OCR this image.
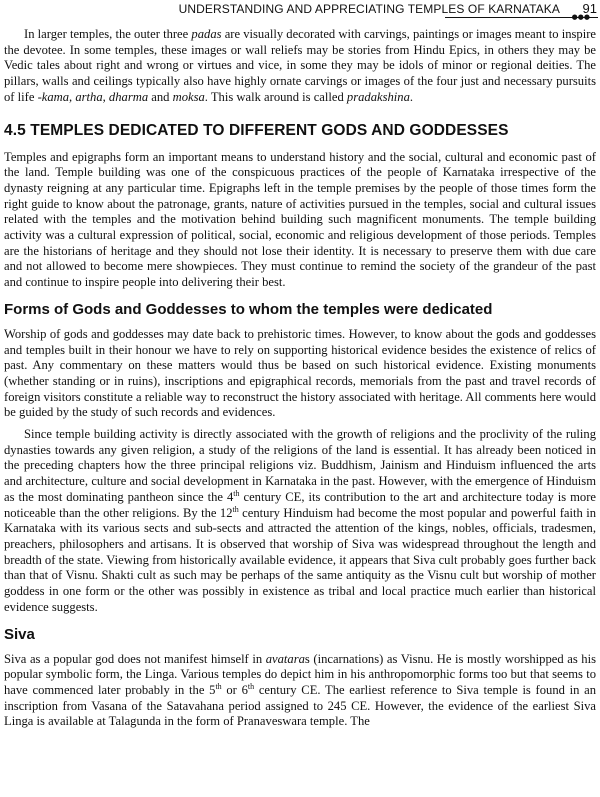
UNDERSTANDING AND APPRECIATING TEMPLES OF KARNATAKA 91
●●●

In larger temples, the outer three padas are visually decorated with carvings, paintings or images meant to inspire the devotee. In some temples, these images or wall reliefs may be stories from Hindu Epics, in others they may be Vedic tales about right and wrong or virtues and vice, in some they may be idols of minor or regional deities. The pillars, walls and ceilings typically also have highly ornate carvings or images of the four just and necessary pursuits of life -kama, artha, dharma and moksa. This walk around is called pradakshina.

4.5 TEMPLES DEDICATED TO DIFFERENT GODS AND GODDESSES

Temples and epigraphs form an important means to understand history and the social, cultural and economic past of the land. Temple building was one of the conspicuous practices of the people of Karnataka irrespective of the dynasty reigning at any particular time. Epigraphs left in the temple premises by the people of those times form the right guide to know about the patronage, grants, nature of activities pursued in the temples, social and cultural issues related with the temples and the motivation behind building such magnificent monuments. The temple building activity was a cultural expression of political, social, economic and religious development of those periods. Temples are the historians of heritage and they should not lose their identity. It is necessary to preserve them with due care and not allowed to become mere showpieces. They must continue to remind the society of the grandeur of the past and continue to inspire people into delivering their best.

Forms of Gods and Goddesses to whom the temples were dedicated

Worship of gods and goddesses may date back to prehistoric times. However, to know about the gods and goddesses and temples built in their honour we have to rely on supporting historical evidence besides the existence of relics of past. Any commentary on these matters would thus be based on such historical evidence. Existing monuments (whether standing or in ruins), inscriptions and epigraphical records, memorials from the past and travel records of foreign visitors constitute a reliable way to reconstruct the history associated with heritage. All comments here would be guided by the study of such records and evidences.

Since temple building activity is directly associated with the growth of religions and the proclivity of the ruling dynasties towards any given religion, a study of the religions of the land is essential. It has already been noticed in the preceding chapters how the three principal religions viz. Buddhism, Jainism and Hinduism influenced the arts and architecture, culture and social development in Karnataka in the past. However, with the emergence of Hinduism as the most dominating pantheon since the 4th century CE, its contribution to the art and architecture today is more noticeable than the other religions. By the 12th century Hinduism had become the most popular and powerful faith in Karnataka with its various sects and sub-sects and attracted the attention of the kings, nobles, officials, tradesmen, preachers, philosophers and artisans. It is observed that worship of Siva was widespread throughout the length and breadth of the state. Viewing from historically available evidence, it appears that Siva cult probably goes further back than that of Visnu. Shakti cult as such may be perhaps of the same antiquity as the Visnu cult but worship of mother goddess in one form or the other was possibly in existence as tribal and local practice much earlier than historical evidence suggests.

Siva

Siva as a popular god does not manifest himself in avataras (incarnations) as Visnu. He is mostly worshipped as his popular symbolic form, the Linga. Various temples do depict him in his anthropomorphic forms too but that seems to have commenced later probably in the 5th or 6th century CE. The earliest reference to Siva temple is found in an inscription from Vasana of the Satavahana period assigned to 245 CE. However, the evidence of the earliest Siva Linga is available at Talagunda in the form of Pranaveswara temple. The
